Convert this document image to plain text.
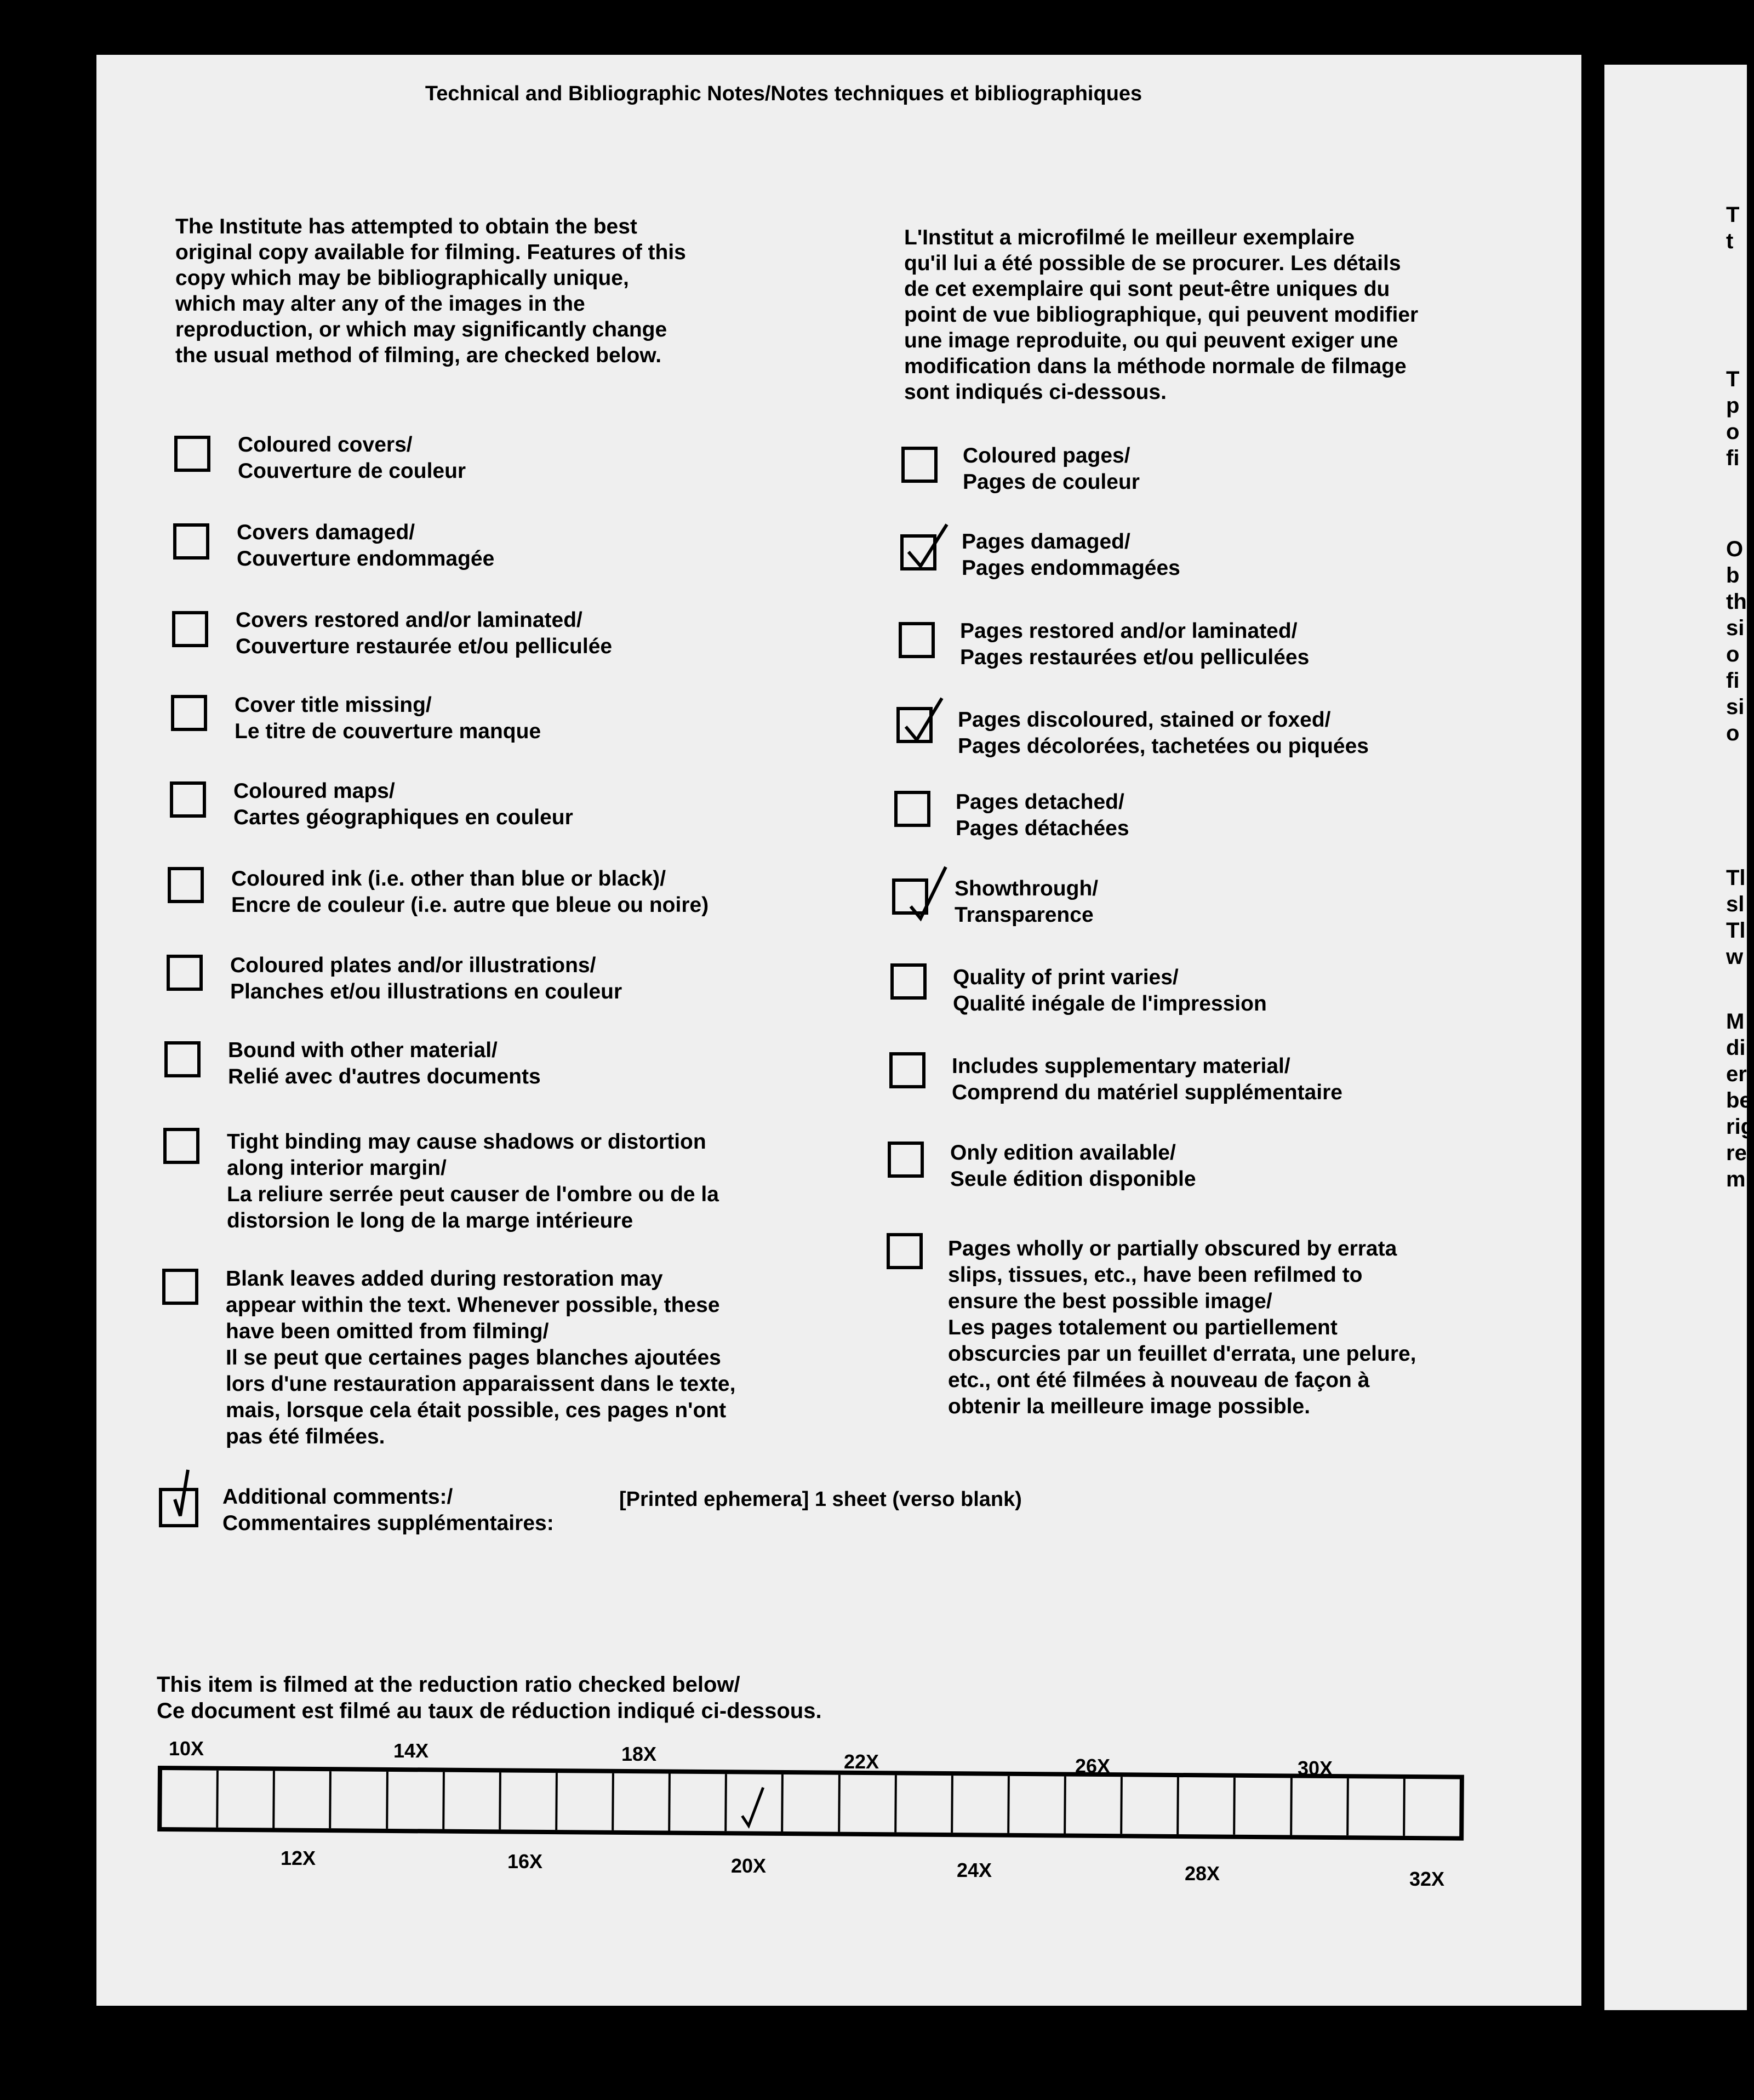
Technical and Bibliographic Notes/Notes techniques et bibliographiques
The Institute has attempted to obtain the best
original copy available for filming. Features of this
copy which may be bibliographically unique,
which may alter any of the images in the
reproduction, or which may significantly change
the usual method of filming, are checked below.
L'Institut a microfilmé le meilleur exemplaire
qu'il lui a été possible de se procurer. Les détails
de cet exemplaire qui sont peut-être uniques du
point de vue bibliographique, qui peuvent modifier
une image reproduite, ou qui peuvent exiger une
modification dans la méthode normale de filmage
sont indiqués ci-dessous.
Coloured covers/
Couverture de couleur
Covers damaged/
Couverture endommagée
Covers restored and/or laminated/
Couverture restaurée et/ou pelliculée
Cover title missing/
Le titre de couverture manque
Coloured maps/
Cartes géographiques en couleur
Coloured ink (i.e. other than blue or black)/
Encre de couleur (i.e. autre que bleue ou noire)
Coloured plates and/or illustrations/
Planches et/ou illustrations en couleur
Bound with other material/
Relié avec d'autres documents
Tight binding may cause shadows or distortion
along interior margin/
La reliure serrée peut causer de l'ombre ou de la
distorsion le long de la marge intérieure
Blank leaves added during restoration may
appear within the text. Whenever possible, these
have been omitted from filming/
Il se peut que certaines pages blanches ajoutées
lors d'une restauration apparaissent dans le texte,
mais, lorsque cela était possible, ces pages n'ont
pas été filmées.
Coloured pages/
Pages de couleur
Pages damaged/
Pages endommagées
Pages restored and/or laminated/
Pages restaurées et/ou pelliculées
Pages discoloured, stained or foxed/
Pages décolorées, tachetées ou piquées
Pages detached/
Pages détachées
Showthrough/
Transparence
Quality of print varies/
Qualité inégale de l'impression
Includes supplementary material/
Comprend du matériel supplémentaire
Only edition available/
Seule édition disponible
Pages wholly or partially obscured by errata
slips, tissues, etc., have been refilmed to
ensure the best possible image/
Les pages totalement ou partiellement
obscurcies par un feuillet d'errata, une pelure,
etc., ont été filmées à nouveau de façon à
obtenir la meilleure image possible.
Additional comments:/
Commentaires supplémentaires:
[Printed ephemera] 1 sheet (verso blank)
This item is filmed at the reduction ratio checked below/
Ce document est filmé au taux de réduction indiqué ci-dessous.
10X	14X	18X	22X	26X	30X
12X	16X	20X	24X	28X	32X
T
t
T
p
o
fi
O
b
th
si
o
fi
si
o
Tl
sl
Tl
w
M
di
er
be
rig
re
m
